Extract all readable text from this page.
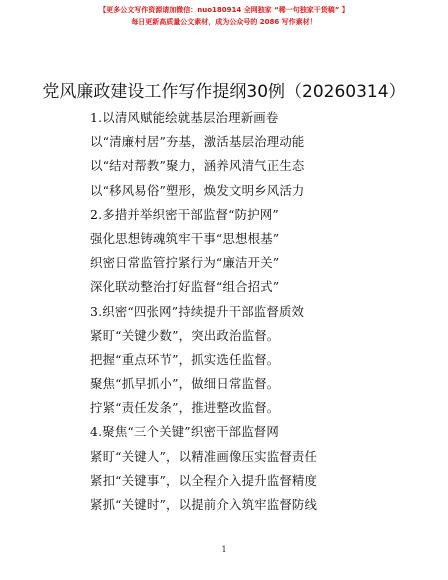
【更多公文写作资源请加微信：nuo180914 全网独家 “稀一句独家干货稿” 】
每日更新高质量公文素材，成为公众号的 2086 写作素材！
党风廉政建设工作写作提纲30例（20260314）
1.以清风赋能绘就基层治理新画卷
以“清廉村居”夯基，激活基层治理动能
以“结对帮教”聚力，涵养风清气正生态
以“移风易俗”塑形，焕发文明乡风活力
2.多措并举织密干部监督“防护网”
强化思想铸魂筑牢干事“思想根基”
织密日常监管拧紧行为“廉洁开关”
深化联动整治打好监督“组合招式”
3.织密“四张网”持续提升干部监督质效
紧盯“关键少数”，突出政治监督。
把握“重点环节”，抓实选任监督。
聚焦“抓早抓小”，做细日常监督。
拧紧“责任发条”，推进整改监督。
4.聚焦“三个关键”织密干部监督网
紧盯“关键人”，以精准画像压实监督责任
紧扣“关键事”，以全程介入提升监督精度
紧抓“关键时”，以提前介入筑牢监督防线
1
